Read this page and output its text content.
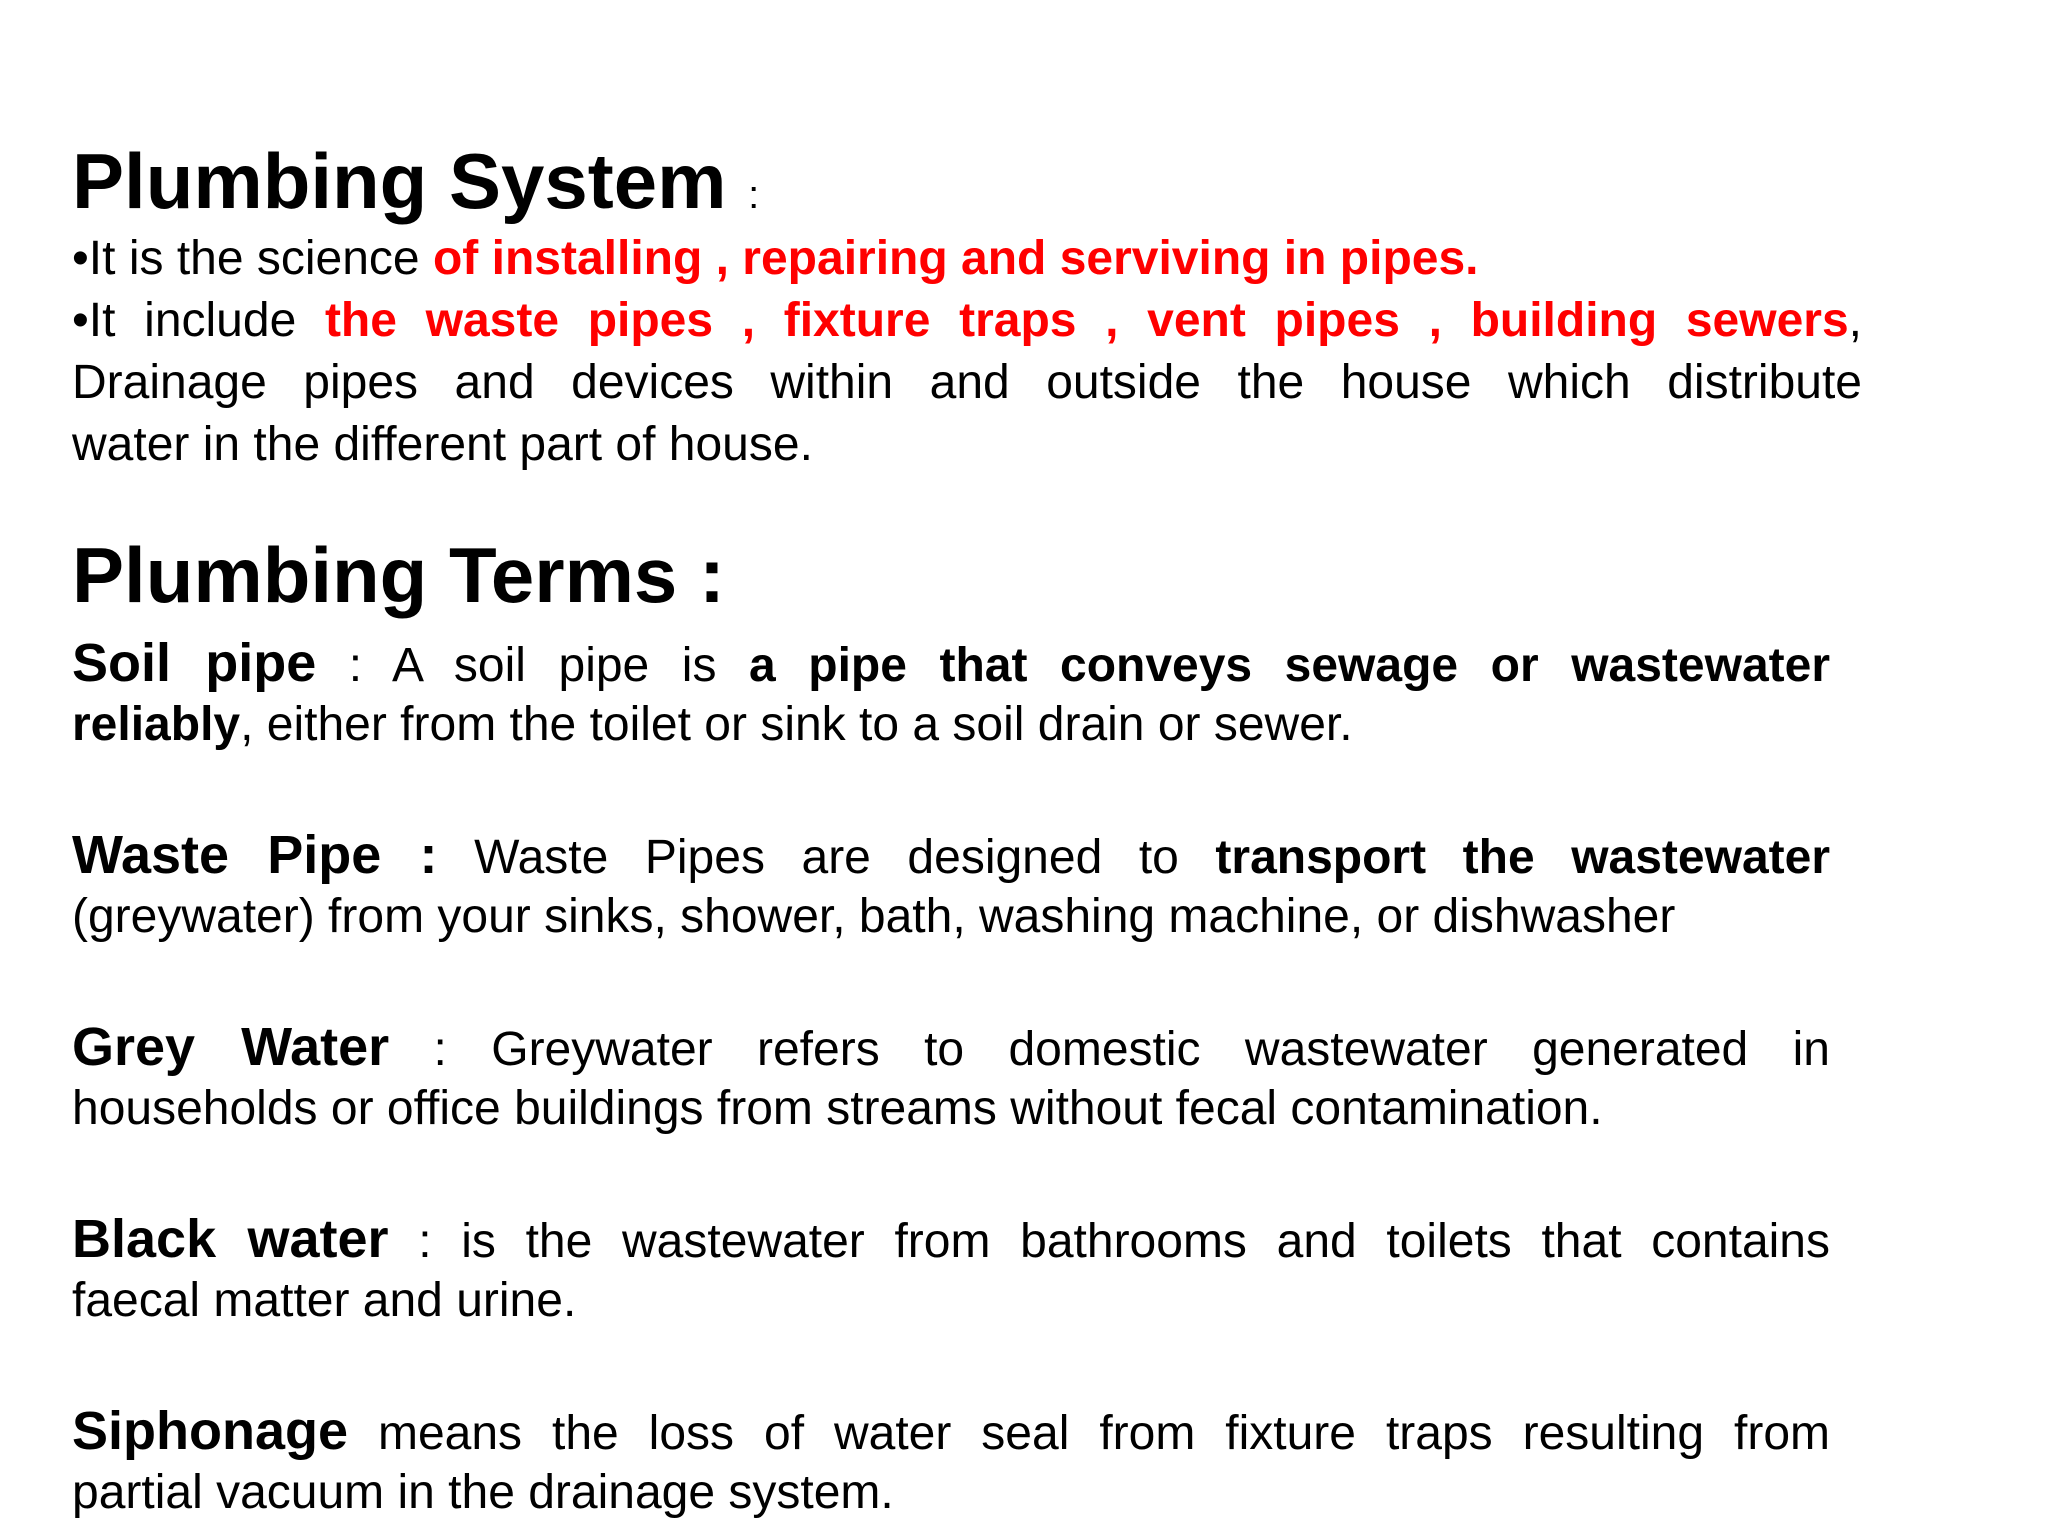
Plumbing System :
•It is the science of installing , repairing and serviving in pipes.
•It include the waste pipes , fixture traps , vent pipes , building sewers,
Drainage pipes and devices within and outside the house which distribute
water in the different part of house.
Plumbing Terms :
Soil pipe : A soil pipe is a pipe that conveys sewage or wastewater
reliably, either from the toilet or sink to a soil drain or sewer.
Waste Pipe : Waste Pipes are designed to transport the wastewater
(greywater) from your sinks, shower, bath, washing machine, or dishwasher
Grey Water : Greywater refers to domestic wastewater generated in
households or office buildings from streams without fecal contamination.
Black water : is the wastewater from bathrooms and toilets that contains
faecal matter and urine.
Siphonage means the loss of water seal from fixture traps resulting from
partial vacuum in the drainage system.
